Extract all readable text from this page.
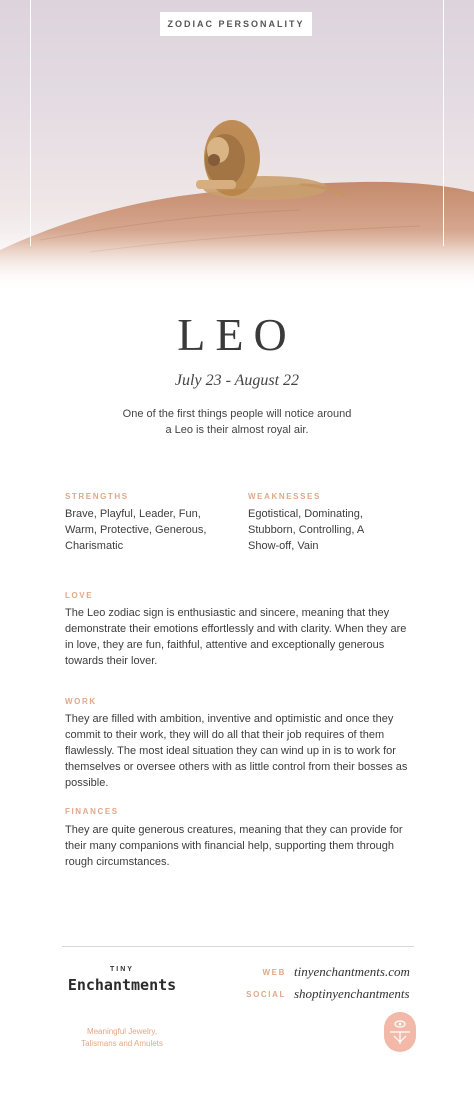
ZODIAC PERSONALITY
LEO
July 23 - August 22
One of the first things people will notice around a Leo is their almost royal air.
STRENGTHS
Brave, Playful, Leader, Fun,
Warm, Protective, Generous,
Charismatic
WEAKNESSES
Egotistical, Dominating,
Stubborn, Controlling, A
Show-off, Vain
LOVE
The Leo zodiac sign is enthusiastic and sincere, meaning that they demonstrate their emotions effortlessly and with clarity. When they are in love, they are fun, faithful, attentive and exceptionally generous towards their lover.
WORK
They are filled with ambition, inventive and optimistic and once they commit to their work, they will do all that their job requires of them flawlessly. The most ideal situation they can wind up in is to work for themselves or oversee others with as little control from their bosses as possible.
FINANCES
They are quite generous creatures, meaning that they can provide for their many companions with financial help, supporting them through rough circumstances.
TINY
Enchantments
Meaningful Jewelry,
Talismans and Amulets
WEB tinyenchantments.com
SOCIAL shoptinyenchantments
